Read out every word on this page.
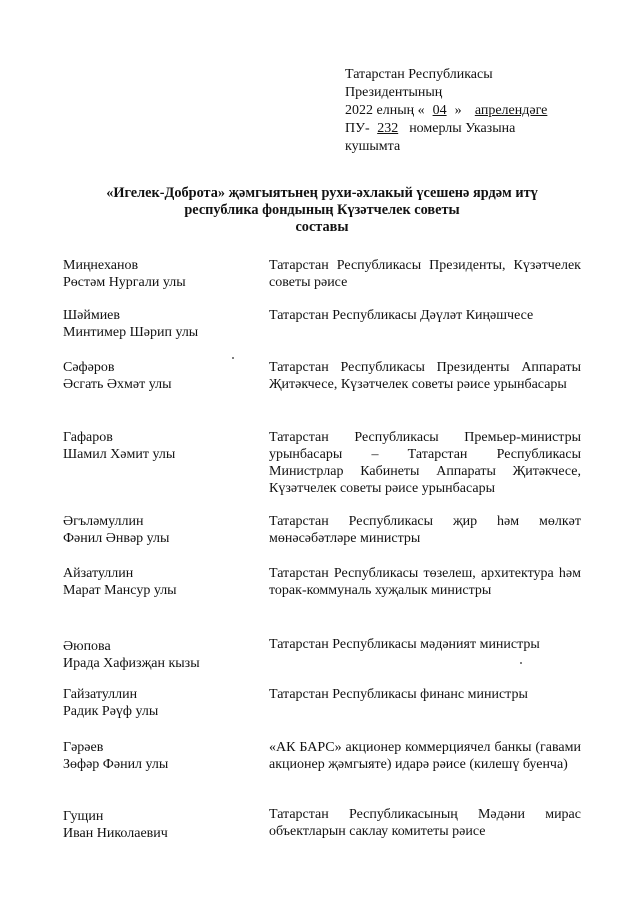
Татарстан Республикасы
Президентының
2022 елның « 04 » апрелендәге
ПУ- 232 номерлы Указына
кушымта
«Игелек-Доброта» җәмгыятьнең рухи-әхлакый үсешенә ярдәм итү
республика фондының Күзәтчелек советы
составы
Миңнеханов
Рөстәм Нургали улы
Татарстан Республикасы Президенты, Күзәтчелек советы рәисе
Шәймиев
Минтимер Шәрип улы
Татарстан Республикасы Дәүләт Киңәшчесе
Сәфәров
Әсгать Әхмәт улы
Татарстан Республикасы Президенты Аппараты Җитәкчесе, Күзәтчелек советы рәисе урынбасары
Гафаров
Шамил Хәмит улы
Татарстан Республикасы Премьер-министры урынбасары – Татарстан Республикасы Министрлар Кабинеты Аппараты Җитәкчесе, Күзәтчелек советы рәисе урынбасары
Әгъләмуллин
Фәнил Әнвәр улы
Татарстан Республикасы җир һәм мөлкәт мөнәсәбәтләре министры
Айзатуллин
Марат Мансур улы
Татарстан Республикасы төзелеш, архитектура һәм торак-коммуналь хуҗалык министры
Әюпова
Ирада Хафизҗан кызы
Татарстан Республикасы мәдәният министры
Гайзатуллин
Радик Рәүф улы
Татарстан Республикасы финанс министры
Гәрәев
Зөфәр Фәнил улы
«АК БАРС» акционер коммерциячел банкы (гавами акционер җәмгыяте) идарә рәисе (килешү буенча)
Гущин
Иван Николаевич
Татарстан Республикасының Мәдәни мирас объектларын саклау комитеты рәисе
